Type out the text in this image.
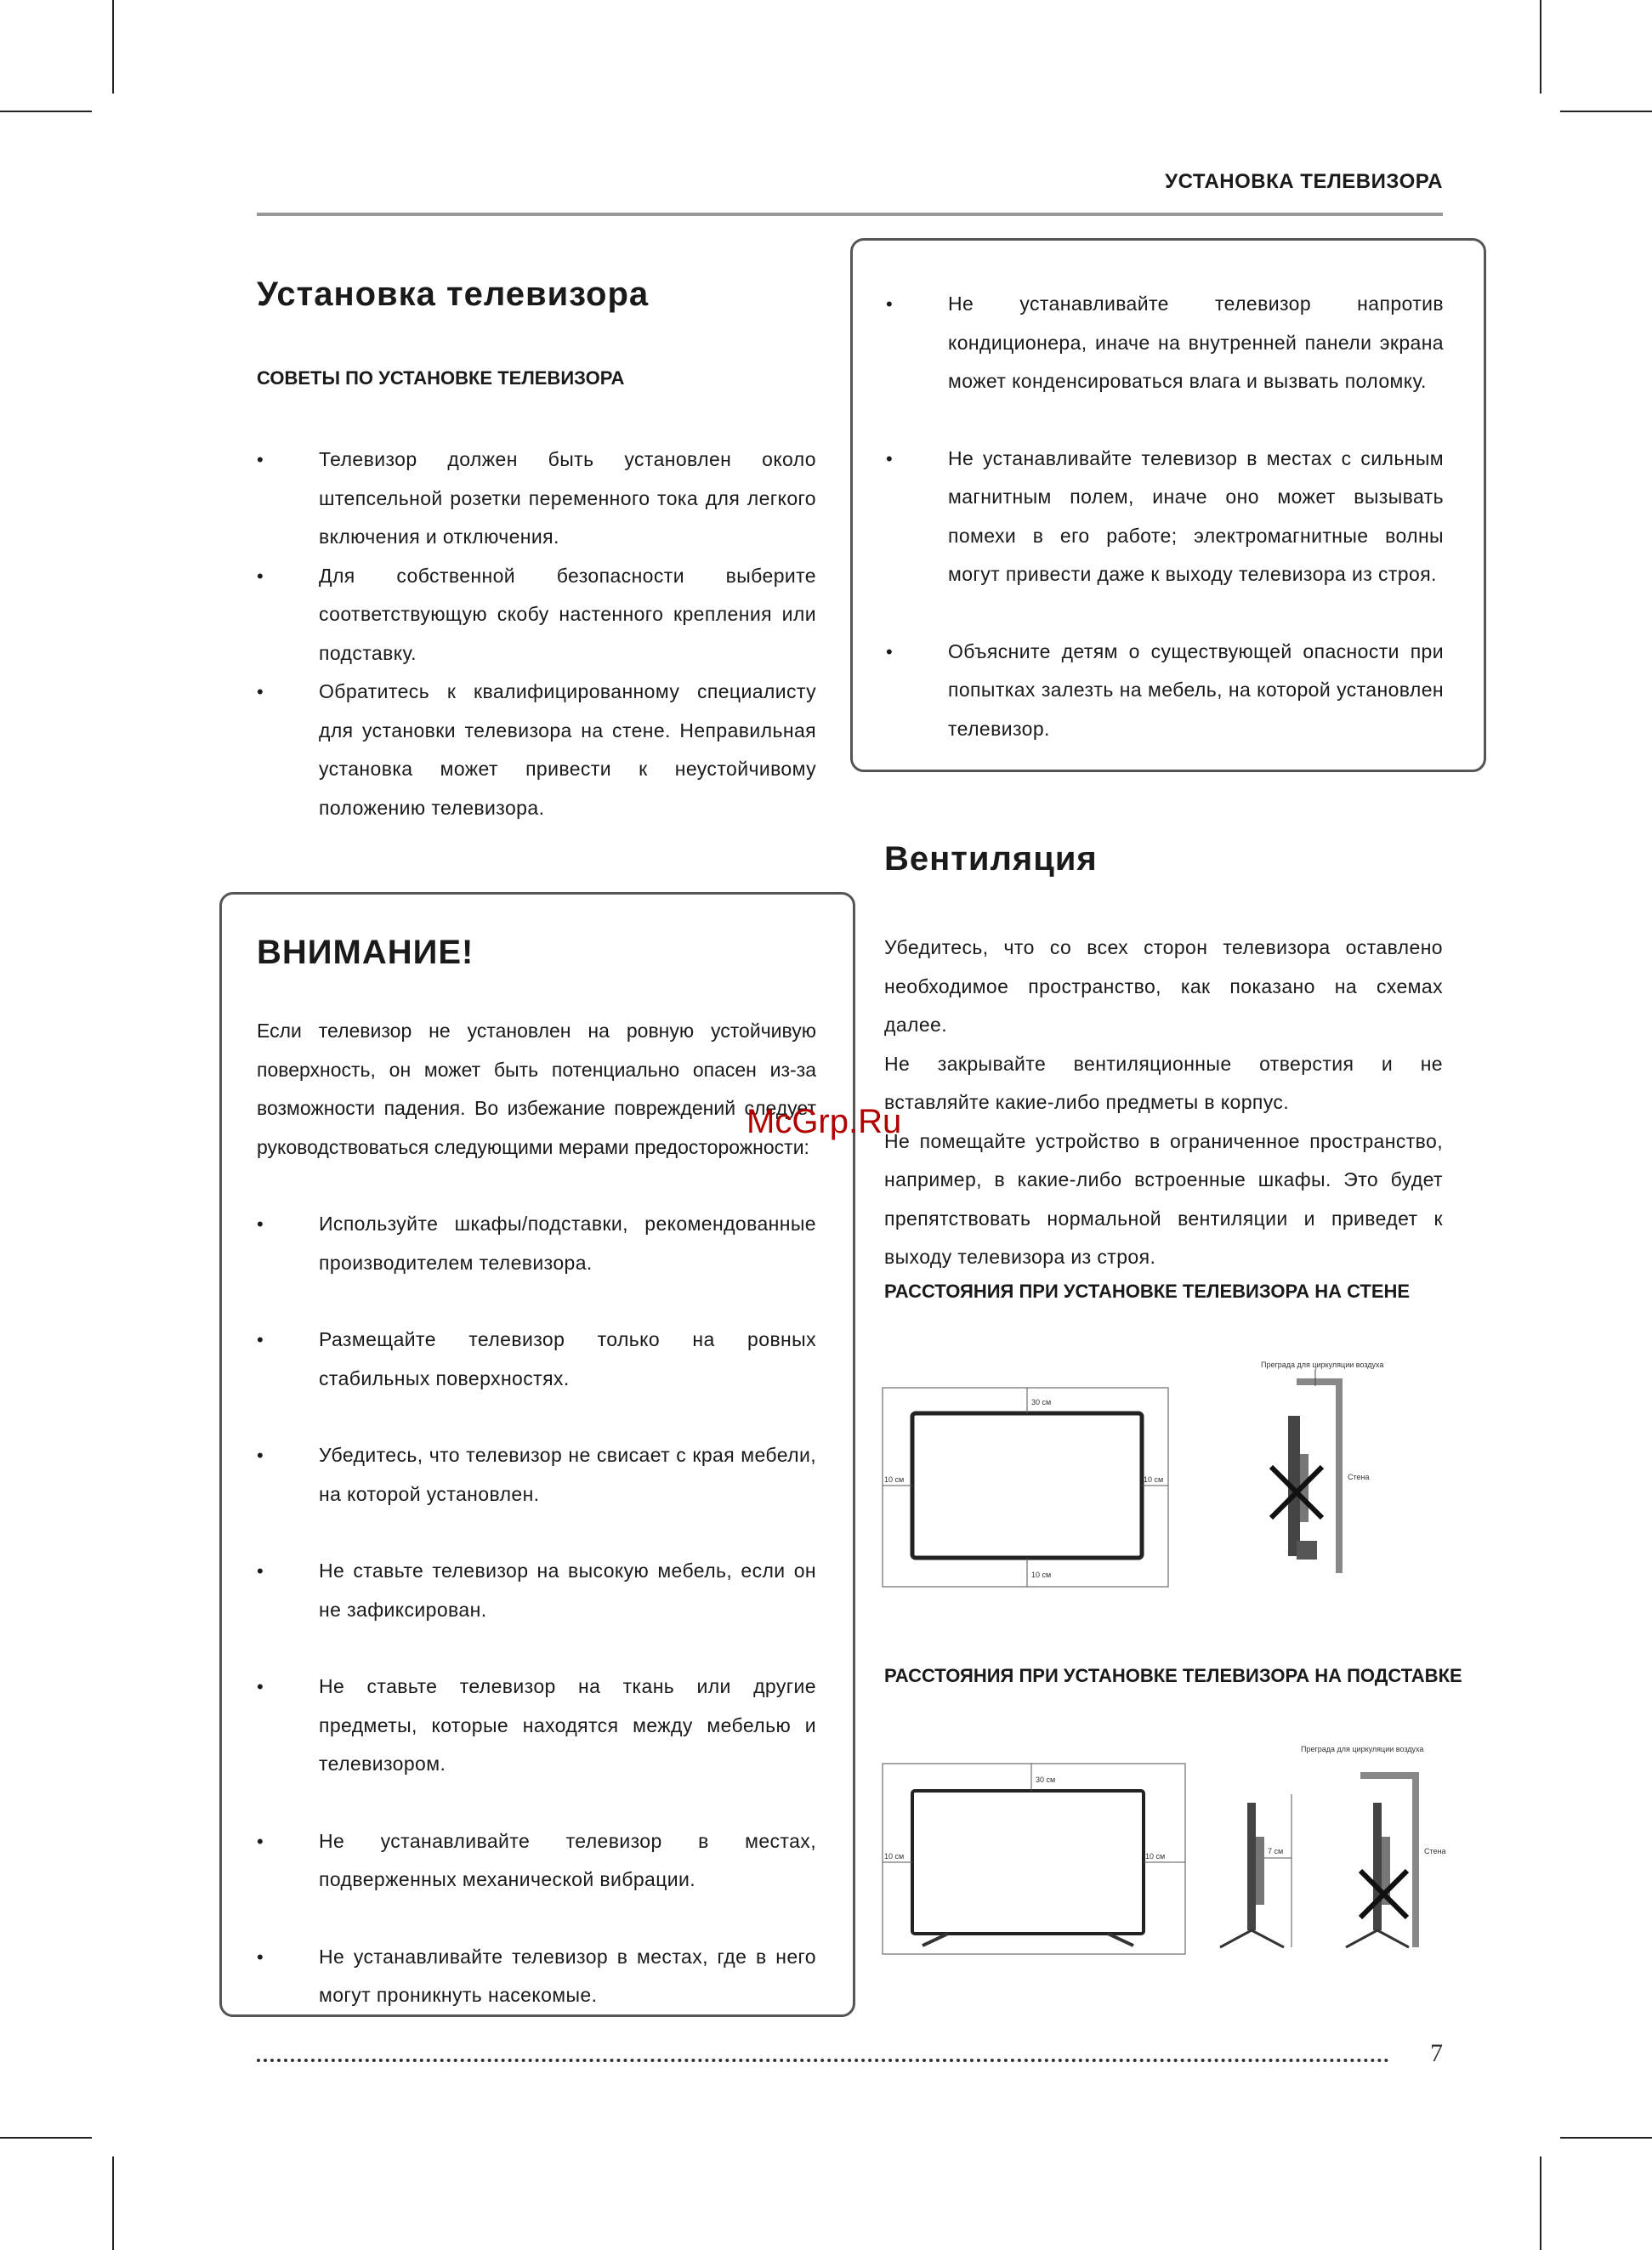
УСТАНОВКА ТЕЛЕВИЗОРА
Установка телевизора
СОВЕТЫ ПО УСТАНОВКЕ ТЕЛЕВИЗОРА
•	Телевизор должен быть установлен около штепсельной розетки переменного тока для легкого включения и отключения.
•	Для собственной безопасности выберите соответствующую скобу настенного крепления или подставку.
•	Обратитесь к квалифицированному специалисту для установки телевизора на стене. Неправильная установка может привести к неустойчивому положению телевизора.
ВНИМАНИЕ!
Если телевизор не установлен на ровную устойчивую поверхность, он может быть потенциально опасен из-за возможности падения. Во избежание повреждений следует руководствоваться следующими мерами предосторожности:
•	Используйте шкафы/подставки, рекомендованные производителем телевизора.
•	Размещайте телевизор только на ровных стабильных поверхностях.
•	Убедитесь, что телевизор не свисает с края мебели, на которой установлен.
•	Не ставьте телевизор на высокую мебель, если он не зафиксирован.
•	Не ставьте телевизор на ткань или другие предметы, которые находятся между мебелью и телевизором.
•	Не устанавливайте телевизор в местах, подверженных механической вибрации.
•	Не устанавливайте телевизор в местах, где в него могут проникнуть насекомые.
•	Не устанавливайте телевизор напротив кондиционера, иначе на внутренней панели экрана может конденсироваться влага и вызвать поломку.
•	Не устанавливайте телевизор в местах с сильным магнитным полем, иначе оно может вызывать помехи в его работе; электромагнитные волны могут привести даже к выходу телевизора из строя.
•	Объясните детям о существующей опасности при попытках залезть на мебель, на которой установлен телевизор.
Вентиляция
Убедитесь, что со всех сторон телевизора оставлено необходимое пространство, как показано на схемах далее.
Не закрывайте вентиляционные отверстия и не вставляйте какие-либо предметы в корпус.
Не помещайте устройство в ограниченное пространство, например, в какие-либо встроенные шкафы. Это будет препятствовать нормальной вентиляции и приведет к выходу телевизора из строя.
РАССТОЯНИЯ ПРИ УСТАНОВКЕ ТЕЛЕВИЗОРА НА СТЕНЕ
30 см
10 см	10 см
10 см
Преграда для циркуляции воздуха
Стена
РАССТОЯНИЯ ПРИ УСТАНОВКЕ ТЕЛЕВИЗОРА НА ПОДСТАВКЕ
30 см
10 см	10 см
7 см
Преграда для циркуляции воздуха
Стена
McGrp.Ru
7
